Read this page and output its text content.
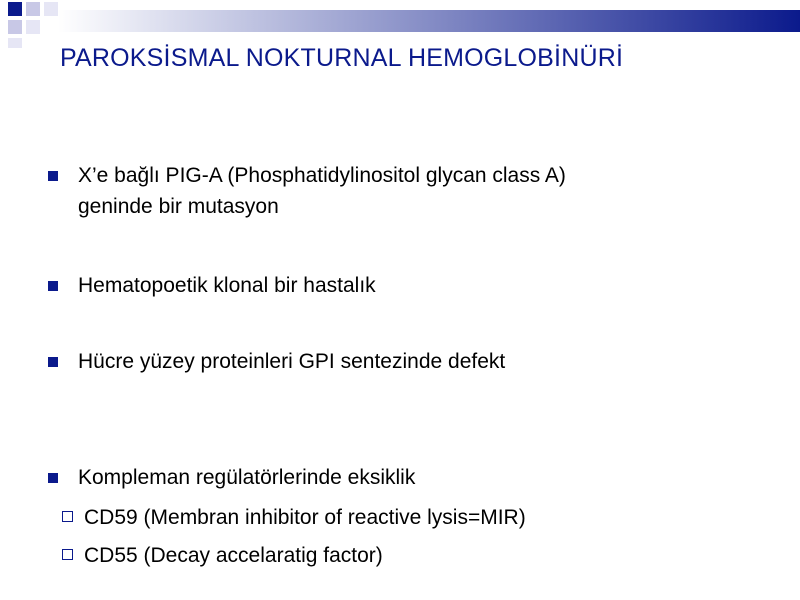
PAROKSİSMAL NOKTURNAL HEMOGLOBİNÜRİ
X’e bağlı PIG-A (Phosphatidylinositol glycan class A)
geninde bir mutasyon
Hematopoetik klonal bir hastalık
Hücre yüzey proteinleri GPI sentezinde defekt
Kompleman regülatörlerinde eksiklik
CD59 (Membran inhibitor of reactive lysis=MIR)
CD55 (Decay accelaratig factor)
